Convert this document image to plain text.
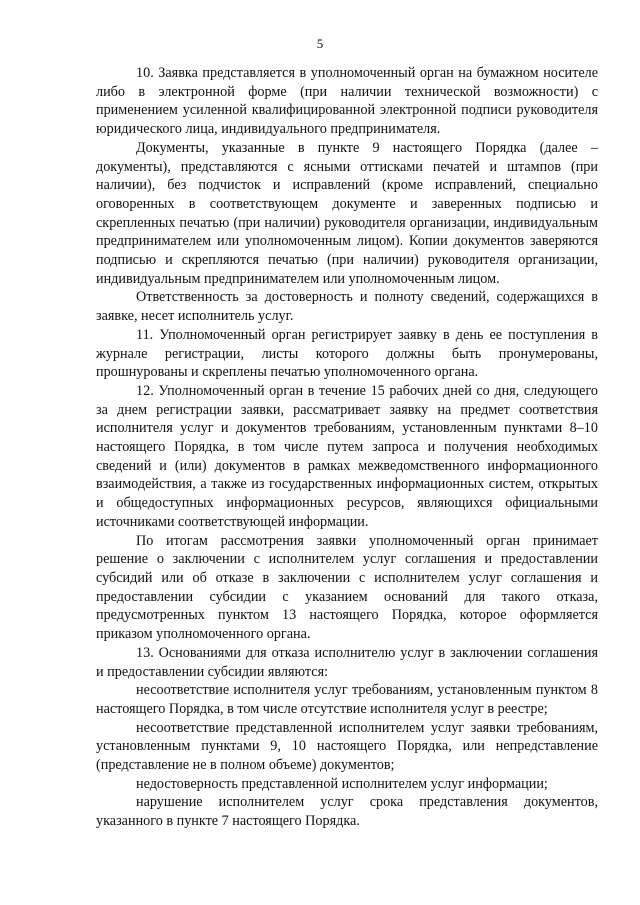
5

10. Заявка представляется в уполномоченный орган на бумажном носителе либо в электронной форме (при наличии технической возможности) с применением усиленной квалифицированной электронной подписи руководителя юридического лица, индивидуального предпринимателя.

Документы, указанные в пункте 9 настоящего Порядка (далее – документы), представляются с ясными оттисками печатей и штампов (при наличии), без подчисток и исправлений (кроме исправлений, специально оговоренных в соответствующем документе и заверенных подписью и скрепленных печатью (при наличии) руководителя организации, индивидуальным предпринимателем или уполномоченным лицом). Копии документов заверяются подписью и скрепляются печатью (при наличии) руководителя организации, индивидуальным предпринимателем или уполномоченным лицом.

Ответственность за достоверность и полноту сведений, содержащихся в заявке, несет исполнитель услуг.

11. Уполномоченный орган регистрирует заявку в день ее поступления в журнале регистрации, листы которого должны быть пронумерованы, прошнурованы и скреплены печатью уполномоченного органа.

12. Уполномоченный орган в течение 15 рабочих дней со дня, следующего за днем регистрации заявки, рассматривает заявку на предмет соответствия исполнителя услуг и документов требованиям, установленным пунктами 8–10 настоящего Порядка, в том числе путем запроса и получения необходимых сведений и (или) документов в рамках межведомственного информационного взаимодействия, а также из государственных информационных систем, открытых и общедоступных информационных ресурсов, являющихся официальными источниками соответствующей информации.

По итогам рассмотрения заявки уполномоченный орган принимает решение о заключении с исполнителем услуг соглашения и предоставлении субсидий или об отказе в заключении с исполнителем услуг соглашения и предоставлении субсидии с указанием оснований для такого отказа, предусмотренных пунктом 13 настоящего Порядка, которое оформляется приказом уполномоченного органа.

13. Основаниями для отказа исполнителю услуг в заключении соглашения и предоставлении субсидии являются:

несоответствие исполнителя услуг требованиям, установленным пунктом 8 настоящего Порядка, в том числе отсутствие исполнителя услуг в реестре;

несоответствие представленной исполнителем услуг заявки требованиям, установленным пунктами 9, 10 настоящего Порядка, или непредставление (представление не в полном объеме) документов;

недостоверность представленной исполнителем услуг информации;

нарушение исполнителем услуг срока представления документов, указанного в пункте 7 настоящего Порядка.
